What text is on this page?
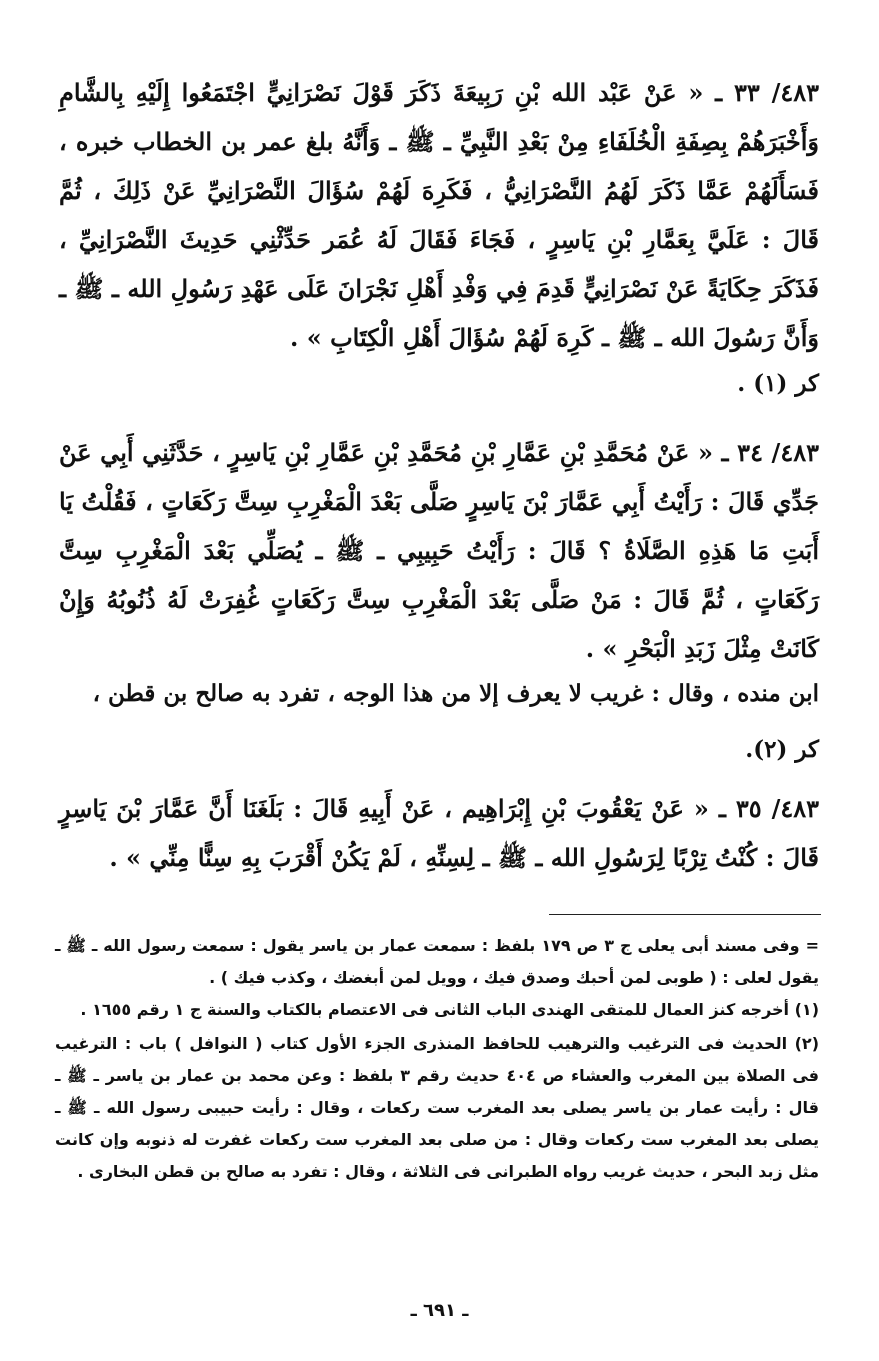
٤٨٣/ ٣٣ ـ « عَنْ عَبْد الله بْنِ رَبِيعَةَ ذَكَرَ قَوْلَ نَصْرَانِيٍّ اجْتَمَعُوا إِلَيْهِ بِالشَّامِ وَأَخْبَرَهُمْ بِصِفَةِ الْخُلَفَاءِ مِنْ بَعْدِ النَّبِيِّ ـ ﷺ ـ وَأَنَّهُ بلغ عمر بن الخطاب خبره ، فَسَأَلَهُمْ عَمَّا ذَكَرَ لَهُمُ النَّصْرَانِيُّ ، فَكَرِهَ لَهُمْ سُؤَالَ النَّصْرَانِيِّ عَنْ ذَلِكَ ، ثُمَّ قَالَ : عَلَيَّ بِعَمَّارِ بْنِ يَاسِرٍ ، فَجَاءَ فَقَالَ لَهُ عُمَر حَدِّثْنِي حَدِيثَ النَّصْرَانِيِّ ، فَذَكَرَ حِكَايَةً عَنْ نَصْرَانِيٍّ قَدِمَ فِي وَفْدِ أَهْلِ نَجْرَانَ عَلَى عَهْدِ رَسُولِ الله ـ ﷺ ـ وَأَنَّ رَسُولَ الله ـ ﷺ ـ كَرِهَ لَهُمْ سُؤَالَ أَهْلِ الْكِتَابِ » .
كر (١) .
٤٨٣/ ٣٤ ـ « عَنْ مُحَمَّدِ بْنِ عَمَّارِ بْنِ مُحَمَّدِ بْنِ عَمَّارِ بْنِ يَاسِرٍ ، حَدَّثَنِي أَبِي عَنْ جَدِّي قَالَ : رَأَيْتُ أَبِي عَمَّارَ بْنَ يَاسِرٍ صَلَّى بَعْدَ الْمَغْرِبِ سِتَّ رَكَعَاتٍ ، فَقُلْتُ يَا أَبَتِ مَا هَذِهِ الصَّلَاةُ ؟ قَالَ : رَأَيْتُ حَبِيبِي ـ ﷺ ـ يُصَلِّي بَعْدَ الْمَغْرِبِ سِتَّ رَكَعَاتٍ ، ثُمَّ قَالَ : مَنْ صَلَّى بَعْدَ الْمَغْرِبِ سِتَّ رَكَعَاتٍ غُفِرَتْ لَهُ ذُنُوبُهُ وَإِنْ كَانَتْ مِثْلَ زَبَدِ الْبَحْرِ » .
ابن منده ، وقال : غريب لا يعرف إلا من هذا الوجه ، تفرد به صالح بن قطن ،
كر (٢).
٤٨٣/ ٣٥ ـ « عَنْ يَعْقُوبَ بْنِ إِبْرَاهِيم ، عَنْ أَبِيهِ قَالَ : بَلَغَنَا أَنَّ عَمَّارَ بْنَ يَاسِرٍ قَالَ : كُنْتُ تِرْبًا لِرَسُولِ الله ـ ﷺ ـ لِسِنِّهِ ، لَمْ يَكُنْ أَقْرَبَ بِهِ سِنًّا مِنِّي » .

= وفى مسند أبى يعلى ج ٣ ص ١٧٩ بلفظ : سمعت عمار بن ياسر يقول : سمعت رسول الله ـ ﷺ ـ يقول لعلى : ( طوبى لمن أحبك وصدق فيك ، وويل لمن أبغضك ، وكذب فيك ) .

(١) أخرجه كنز العمال للمتقى الهندى الباب الثانى فى الاعتصام بالكتاب والسنة ج ١ رقم ١٦٥٥ .

(٢) الحديث فى الترغيب والترهيب للحافظ المنذرى الجزء الأول كتاب ( النوافل ) باب : الترغيب فى الصلاة بين المغرب والعشاء ص ٤٠٤ حديث رقم ٣ بلفظ : وعن محمد بن عمار بن ياسر ـ ﷺ ـ قال : رأيت عمار بن ياسر يصلى بعد المغرب ست ركعات ، وقال : رأيت حبيبى رسول الله ـ ﷺ ـ يصلى بعد المغرب ست ركعات وقال : من صلى بعد المغرب ست ركعات غفرت له ذنوبه وإن كانت مثل زبد البحر ، حديث غريب رواه الطبرانى فى الثلاثة ، وقال : تفرد به صالح بن قطن البخارى .

ـ ٦٩١ ـ
